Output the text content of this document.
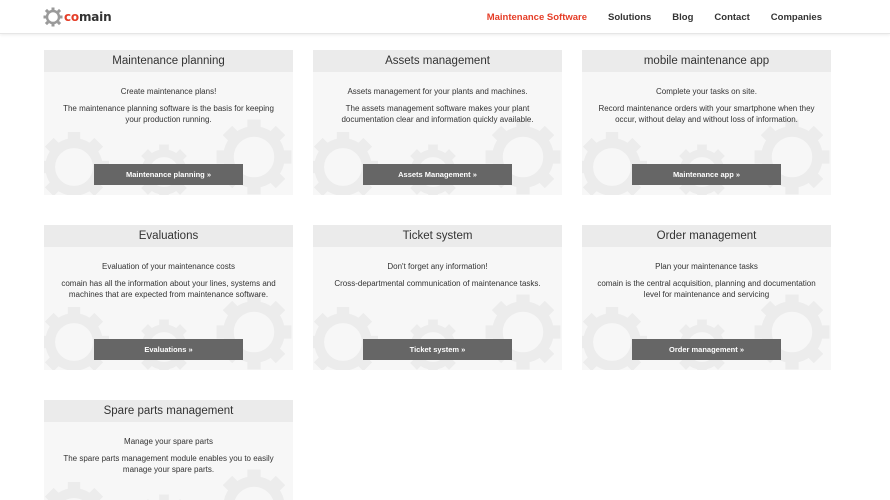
comain	Maintenance Software Solutions Blog Contact Companies
Maintenance planning
Create maintenance plans!
The maintenance planning software is the basis for keeping your production running.
Maintenance planning »
Assets management
Assets management for your plants and machines.
The assets management software makes your plant documentation clear and information quickly available.
Assets Management »
mobile maintenance app
Complete your tasks on site.
Record maintenance orders with your smartphone when they occur, without delay and without loss of information.
Maintenance app »
Evaluations
Evaluation of your maintenance costs
comain has all the information about your lines, systems and machines that are expected from maintenance software.
Evaluations »
Ticket system
Don't forget any information!
Cross-departmental communication of maintenance tasks.
Ticket system »
Order management
Plan your maintenance tasks
comain is the central acquisition, planning and documentation level for maintenance and servicing
Order management »
Spare parts management
Manage your spare parts
The spare parts management module enables you to easily manage your spare parts.
